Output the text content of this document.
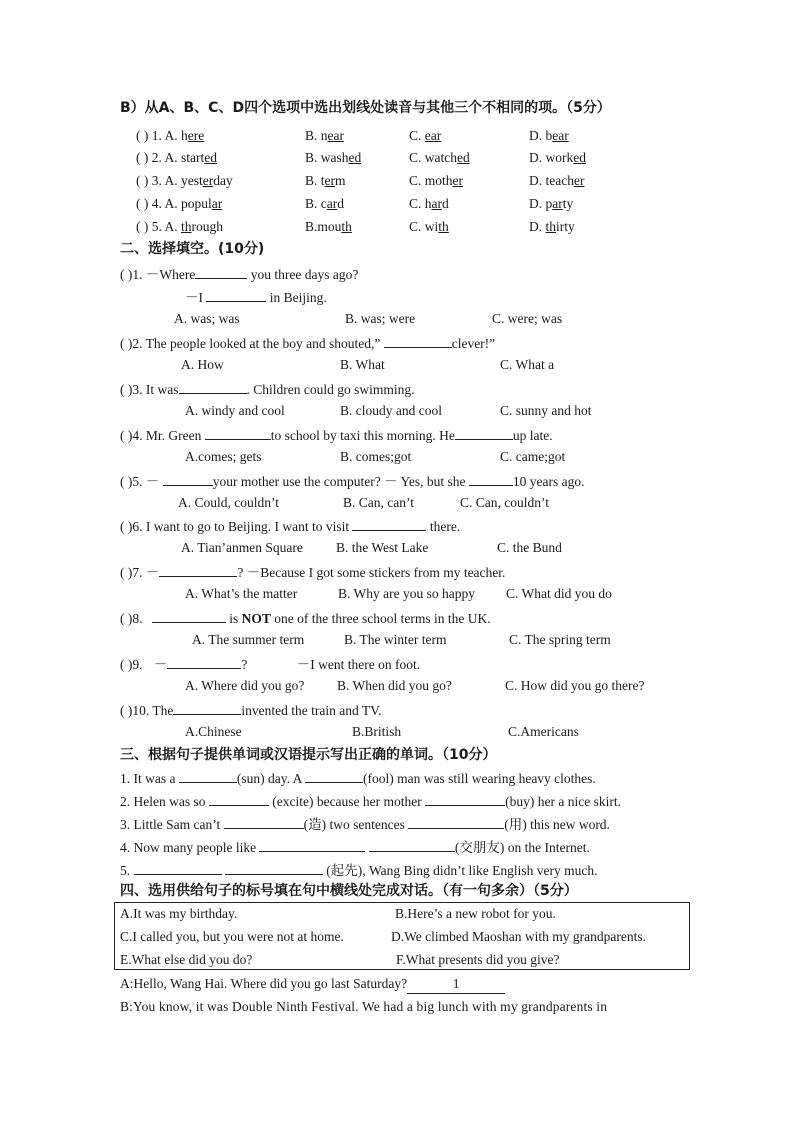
B）从A、B、C、D四个选项中选出划线处读音与其他三个不相同的项。（5分）
( ) 1. A. here	B. near	C. ear	D. bear
( ) 2. A. started	B. washed	C. watched	D. worked
( ) 3. A. yesterday	B. term	C. mother	D. teacher
( ) 4. A. popular	B. card	C. hard	D. party
( ) 5. A. through	B.mouth	C. with	D. thirty
二、选择填空。(10分)
( )1. －Where	you three days ago?
－I	in Beijing.
A. was; was	B. was; were	C. were; was
( )2. The people looked at the boy and shouted,”	clever!”
A. How	B. What	C. What a
( )3. It was	. Children could go swimming.
A. windy and cool	B. cloudy and cool	C. sunny and hot
( )4. Mr. Green	to school by taxi this morning. He	up late.
A.comes; gets	B. comes;got	C. came;got
( )5. －	your mother use the computer? － Yes, but she	10 years ago.
A. Could, couldn’t	B. Can, can’t	C. Can, couldn’t
( )6. I want to go to Beijing. I want to visit	there.
A. Tian’anmen Square B. the West Lake	C. the Bund
( )7. －	? －Because I got some stickers from my teacher.
A. What’s the matter	B. Why are you so happy C. What did you do
( )8.	is NOT one of the three school terms in the UK.
A. The summer term	B. The winter term	C. The spring term
( )9. －	?	－I went there on foot.
A. Where did you go? B. When did you go?	C. How did you go there?
( )10. The	invented the train and TV.
A.Chinese	B.British	C.Americans
三、根据句子提供单词或汉语提示写出正确的单词。（10分）
1. It was a	(sun) day. A	(fool) man was still wearing heavy clothes.
2. Helen was so	(excite) because her mother	(buy) her a nice skirt.
3. Little Sam can’t	(造) two sentences	(用) this new word.
4. Now many people like	(交朋友) on the Internet.
5.	(起先), Wang Bing didn’t like English very much.
四、选用供给句子的标号填在句中横线处完成对话。（有一句多余）（5分）
A.It was my birthday.	B.Here’s a new robot for you.
C.I called you, but you were not at home.	D.We climbed Maoshan with my grandparents.
E.What else did you do?	F.What presents did you give?
A:Hello, Wang Hai. Where did you go last Saturday?	1
B:You know, it was Double Ninth Festival. We had a big lunch with my grandparents in
